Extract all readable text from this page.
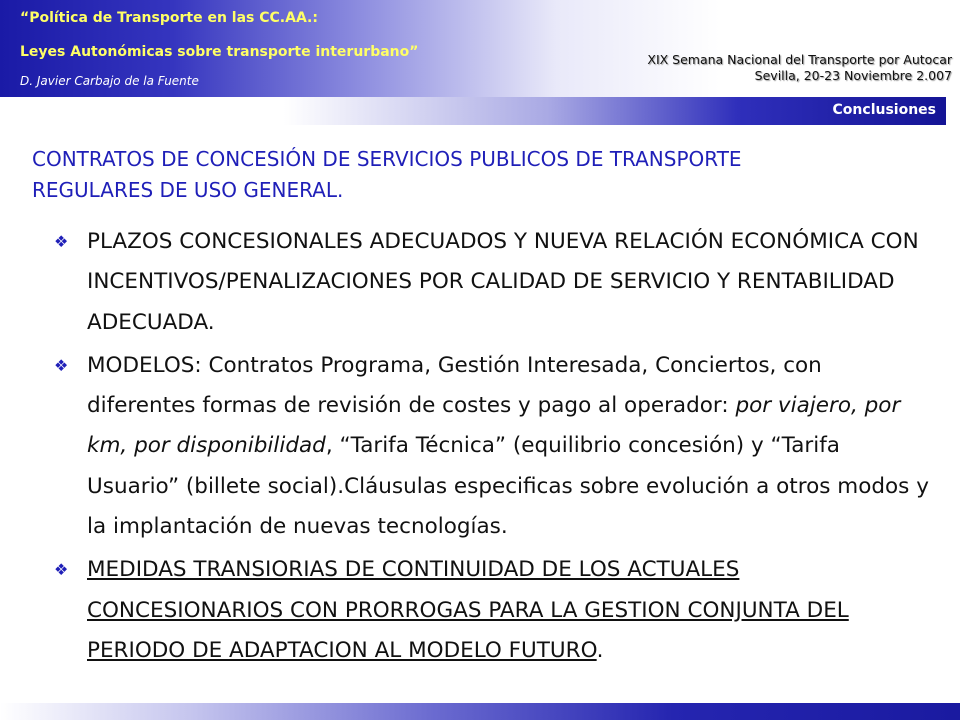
“Política de Transporte en las CC.AA.:
Leyes Autonómicas sobre transporte interurbano”
D. Javier Carbajo de la Fuente
XIX Semana Nacional del Transporte por Autocar
Sevilla, 20-23 Noviembre 2.007
Conclusiones
CONTRATOS DE CONCESIÓN DE SERVICIOS PUBLICOS DE TRANSPORTE
REGULARES DE USO GENERAL.
❖ PLAZOS CONCESIONALES ADECUADOS Y NUEVA RELACIÓN ECONÓMICA CON INCENTIVOS/PENALIZACIONES POR CALIDAD DE SERVICIO Y RENTABILIDAD ADECUADA.
❖ MODELOS: Contratos Programa, Gestión Interesada, Conciertos, con diferentes formas de revisión de costes y pago al operador: por viajero, por km, por disponibilidad, “Tarifa Técnica” (equilibrio concesión) y “Tarifa Usuario” (billete social).Cláusulas especificas sobre evolución a otros modos y la implantación de nuevas tecnologías.
❖ MEDIDAS TRANSIORIAS DE CONTINUIDAD DE LOS ACTUALES CONCESIONARIOS CON PRORROGAS PARA LA GESTION CONJUNTA DEL PERIODO DE ADAPTACION AL MODELO FUTURO.
